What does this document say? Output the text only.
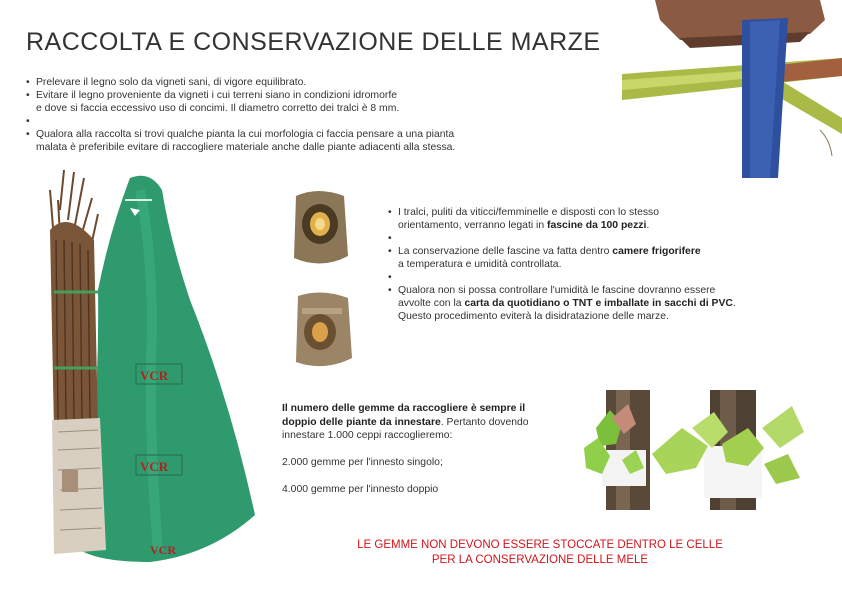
RACCOLTA E CONSERVAZIONE DELLE MARZE
• Prelevare il legno solo da vigneti sani, di vigore equilibrato.
• Evitare il legno proveniente da vigneti i cui terreni siano in condizioni idromorfe
e dove si faccia eccessivo uso di concimi. Il diametro corretto dei tralci è 8 mm.
•
• Qualora alla raccolta si trovi qualche pianta la cui morfologia ci faccia pensare a una pianta
malata è preferibile evitare di raccogliere materiale anche dalle piante adiacenti alla stessa.
VCR
VCR
VCR
• I tralci, puliti da viticci/femminelle e disposti con lo stesso
orientamento, verranno legati in fascine da 100 pezzi.
•
• La conservazione delle fascine va fatta dentro camere frigorifere
a temperatura e umidità controllata.
•
• Qualora non si possa controllare l'umidità le fascine dovranno essere
avvolte con la carta da quotidiano o TNT e imballate in sacchi di PVC.
Questo procedimento eviterà la disidratazione delle marze.
Il numero delle gemme da raccogliere è sempre il
doppio delle piante da innestare. Pertanto dovendo
innestare 1.000 ceppi raccoglieremo:

2.000 gemme per l'innesto singolo;

4.000 gemme per l'innesto doppio
LE GEMME NON DEVONO ESSERE STOCCATE DENTRO LE CELLE
PER LA CONSERVAZIONE DELLE MELE
